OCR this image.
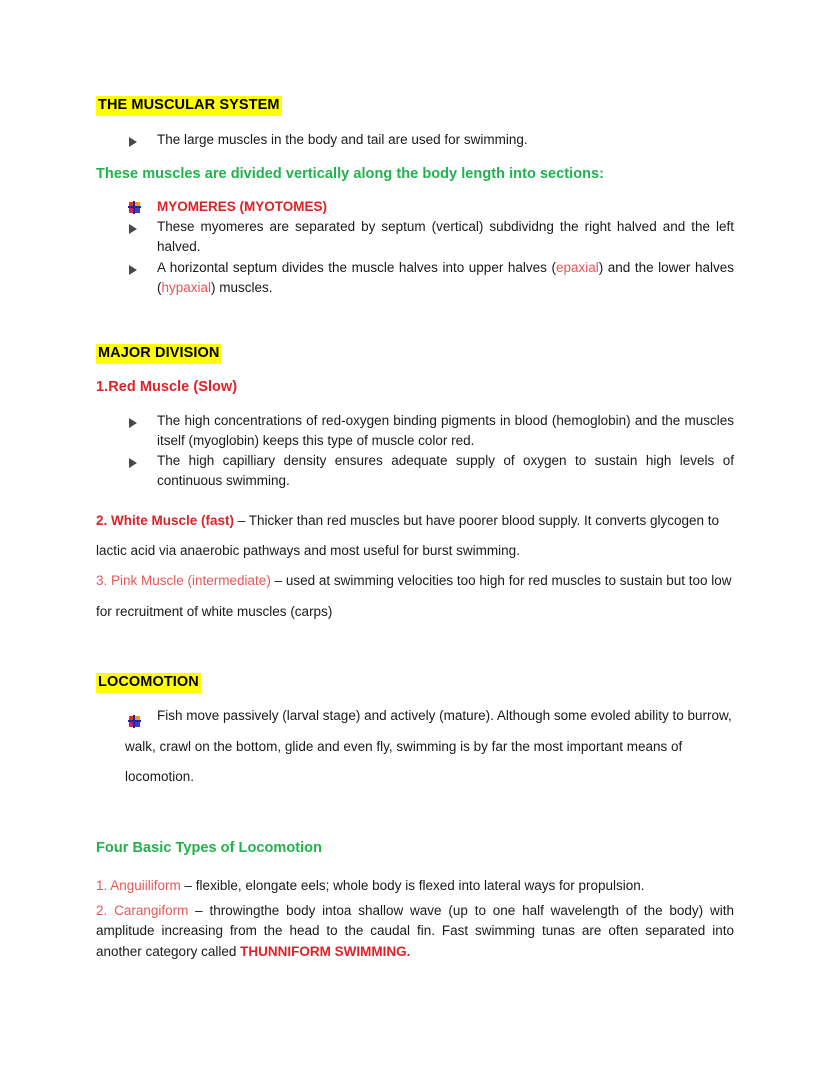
THE MUSCULAR SYSTEM
The large muscles in the body and tail are used for swimming.

These muscles are divided vertically along the body length into sections:

MYOMERES (MYOTOMES)
These myomeres are separated by septum (vertical) subdividng the right halved and the left halved.
A horizontal septum divides the muscle halves into upper halves (epaxial) and the lower halves (hypaxial) muscles.
MAJOR DIVISION

1.Red Muscle (Slow)

The high concentrations of red-oxygen binding pigments in blood (hemoglobin) and the muscles itself (myoglobin) keeps this type of muscle color red.
The high capilliary density ensures adequate supply of oxygen to sustain high levels of continuous swimming.

2. White Muscle (fast) – Thicker than red muscles but have poorer blood supply. It converts glycogen to lactic acid via anaerobic pathways and most useful for burst swimming.

3. Pink Muscle (intermediate) – used at swimming velocities too high for red muscles to sustain but too low for recruitment of white muscles (carps)

LOCOMOTION
Fish move passively (larval stage) and actively (mature). Although some evoled ability to burrow, walk, crawl on the bottom, glide and even fly, swimming is by far the most important means of locomotion.

Four Basic Types of Locomotion

1. Anguiiliform – flexible, elongate eels; whole body is flexed into lateral ways for propulsion.

2. Carangiform – throwingthe body intoa shallow wave (up to one half wavelength of the body) with amplitude increasing from the head to the caudal fin. Fast swimming tunas are often separated into another category called THUNNIFORM SWIMMING.
